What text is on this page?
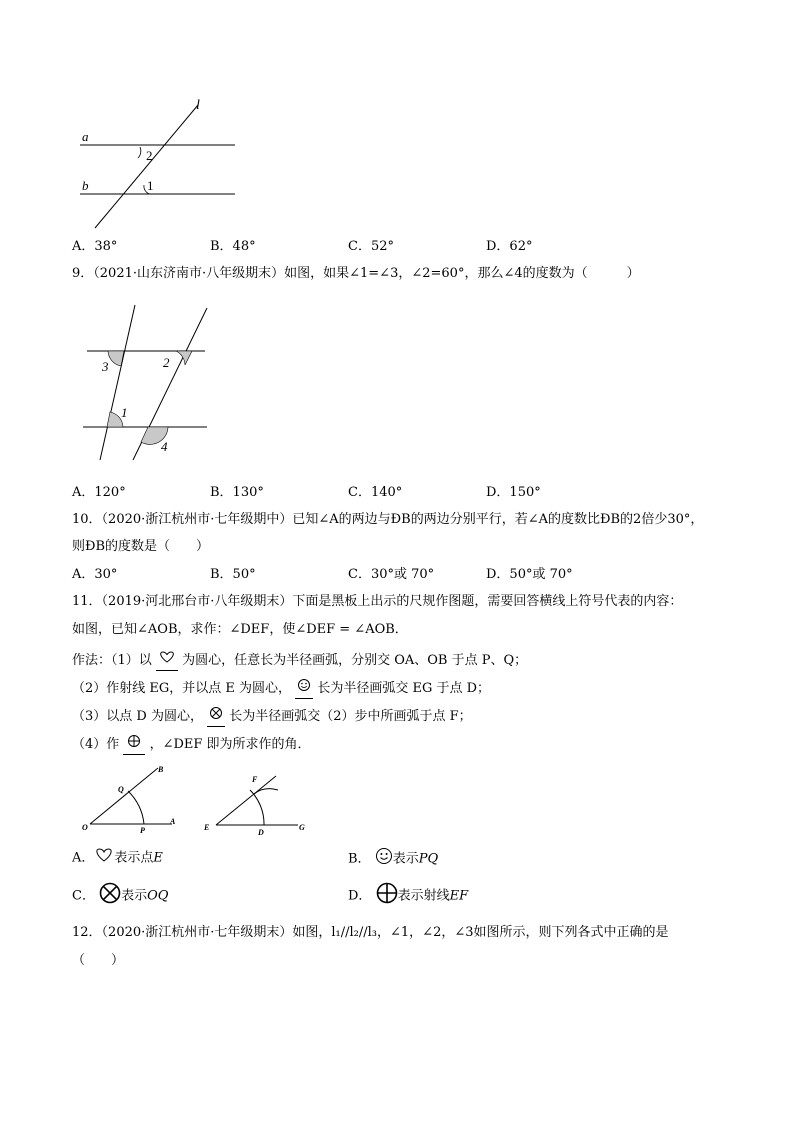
l
a
b
2
1
A．38°	B．48°	C．52°	D．62°
9．（2021·山东济南市·八年级期末）如图，如果∠1=∠3，∠2=60°，那么∠4的度数为（　　　）
3	2
1
4
A．120°	B．130°	C．140°	D．150°
10．（2020·浙江杭州市·七年级期中）已知∠A的两边与ÐB的两边分别平行，若∠A的度数比ÐB的2倍少30°，
则ÐB的度数是（　　）
A．30°	B．50°	C．30°或 70°	D．50°或 70°
11．（2019·河北邢台市·八年级期末）下面是黑板上出示的尺规作图题，需要回答横线上符号代表的内容：
如图，已知∠AOB，求作：∠DEF，使∠DEF = ∠AOB．
作法：（1）以 为圆心，任意长为半径画弧，分别交 OA、OB 于点 P、Q；
（2）作射线 EG，并以点 E 为圆心， 长为半径画弧交 EG 于点 D；
（3）以点 D 为圆心， 长为半径画弧交（2）步中所画弧于点 F；
（4）作 ，∠DEF 即为所求作的角．
B
Q
O	P
A
F
E
D
G
A． 表示点E	B． 表示PQ
C． 表示OQ	D． 表示射线EF
12．（2020·浙江杭州市·七年级期末）如图，l₁//l₂//l₃，∠1，∠2，∠3如图所示，则下列各式中正确的是
（　　）
